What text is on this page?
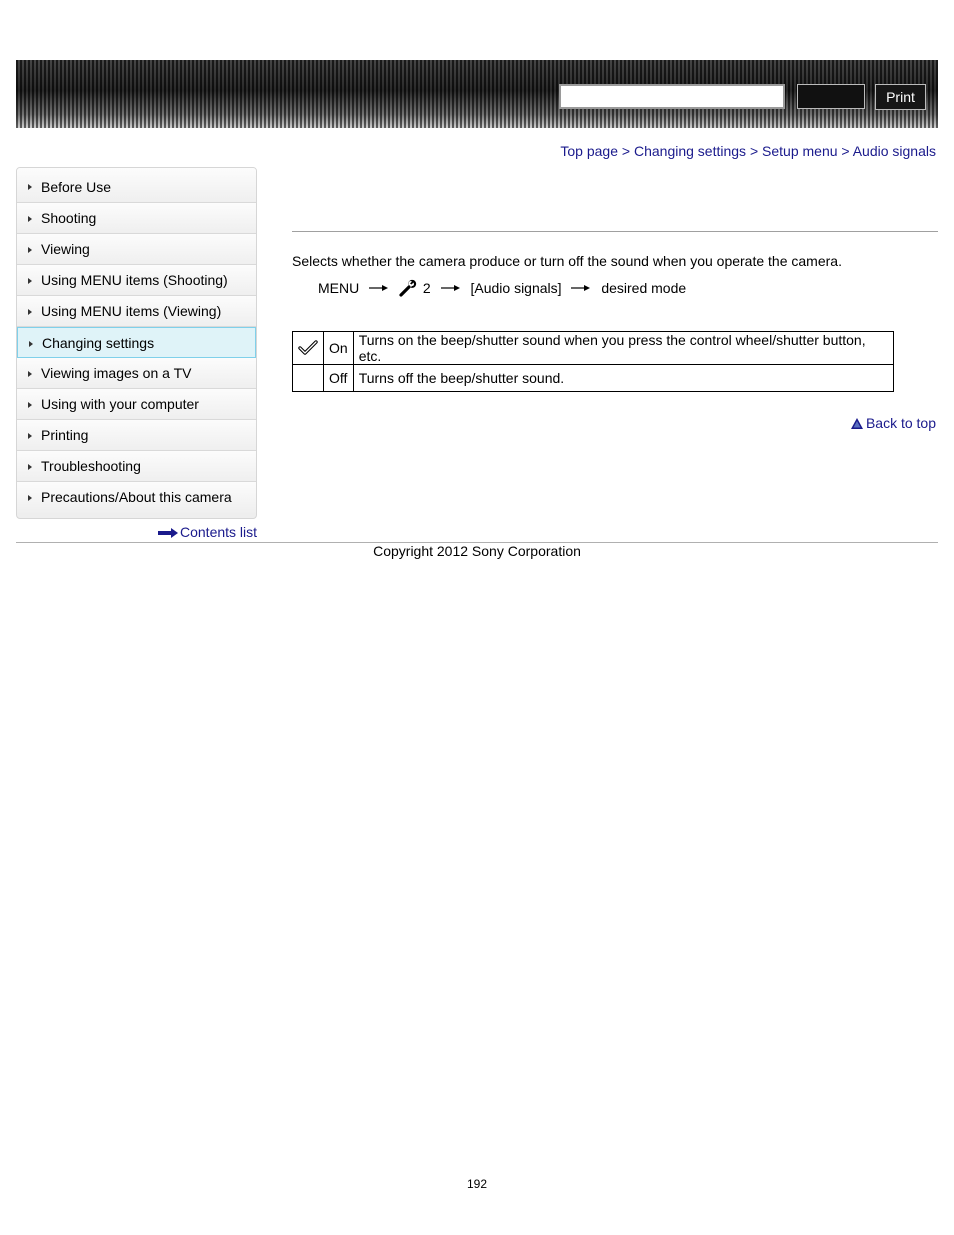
Print
Top page > Changing settings > Setup menu > Audio signals
Before Use
Shooting
Viewing
Using MENU items (Shooting)
Using MENU items (Viewing)
Changing settings
Viewing images on a TV
Using with your computer
Printing
Troubleshooting
Precautions/About this camera
Contents list
Selects whether the camera produce or turn off the sound when you operate the camera.
MENU	2	[Audio signals]	desired mode
	On	Turns on the beep/shutter sound when you press the control wheel/shutter button, etc.
	Off	Turns off the beep/shutter sound.
Back to top
Copyright 2012 Sony Corporation
192
